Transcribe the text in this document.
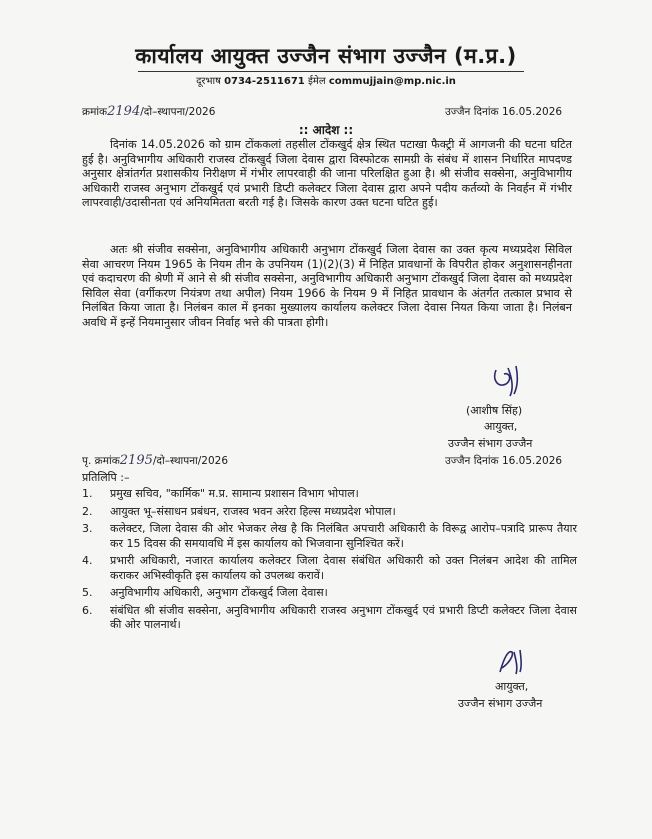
कार्यालय आयुक्त उज्जैन संभाग उज्जैन (म.प्र.)
दूरभाष 0734-2511671 ईमेल commujjain@mp.nic.in
क्रमांक2194/दो–स्थापना/2026	उज्जैन दिनांक 16.05.2026
:: आदेश ::
दिनांक 14.05.2026 को ग्राम टोंककलां तहसील टोंकखुर्द क्षेत्र स्थित पटाखा फैक्ट्री में आगजनी की घटना घटित हुई है। अनुविभागीय अधिकारी राजस्व टोंकखुर्द जिला देवास द्वारा विस्फोटक सामग्री के संबंध में शासन निर्धारित मापदण्ड अनुसार क्षेत्रांतर्गत प्रशासकीय निरीक्षण में गंभीर लापरवाही की जाना परिलक्षित हुआ है। श्री संजीव सक्सेना, अनुविभागीय अधिकारी राजस्व अनुभाग टोंकखुर्द एवं प्रभारी डिप्टी कलेक्टर जिला देवास द्वारा अपने पदीय कर्तव्यो के निवर्हन में गंभीर लापरवाही/उदासीनता एवं अनियमितता बरती गई है। जिसके कारण उक्त घटना घटित हुई।
अतः श्री संजीव सक्सेना, अनुविभागीय अधिकारी अनुभाग टोंकखुर्द जिला देवास का उक्त कृत्य मध्यप्रदेश सिविल सेवा आचरण नियम 1965 के नियम तीन के उपनियम (1)(2)(3) में निहित प्रावधानों के विपरीत होकर अनुशासनहीनता एवं कदाचरण की श्रेणी में आने से श्री संजीव सक्सेना, अनुविभागीय अधिकारी अनुभाग टोंकखुर्द जिला देवास को मध्यप्रदेश सिविल सेवा (वर्गीकरण नियंत्रण तथा अपील) नियम 1966 के नियम 9 में निहित प्रावधान के अंतर्गत तत्काल प्रभाव से निलंबित किया जाता है। निलंबन काल में इनका मुख्यालय कार्यालय कलेक्टर जिला देवास नियत किया जाता है। निलंबन अवधि में इन्हें नियमानुसार जीवन निर्वाह भत्ते की पात्रता होगी।
(आशीष सिंह)
आयुक्त,
उज्जैन संभाग उज्जैन
पृ. क्रमांक2195/दो–स्थापना/2026	उज्जैन दिनांक 16.05.2026
प्रतिलिपि :–
1. प्रमुख सचिव, "कार्मिक" म.प्र. सामान्य प्रशासन विभाग भोपाल।
2. आयुक्त भू–संसाधन प्रबंधन, राजस्व भवन अरेरा हिल्स मध्यप्रदेश भोपाल।
3. कलेक्टर, जिला देवास की ओर भेजकर लेख है कि निलंबित अपचारी अधिकारी के विरूद्व आरोप–पत्रादि प्रारूप तैयार कर 15 दिवस की समयावधि में इस कार्यालय को भिजवाना सुनिश्चित करें।
4. प्रभारी अधिकारी, नजारत कार्यालय कलेक्टर जिला देवास संबंधित अधिकारी को उक्त निलंबन आदेश की तामिल कराकर अभिस्वीकृति इस कार्यालय को उपलब्ध करावें।
5. अनुविभागीय अधिकारी, अनुभाग टोंकखुर्द जिला देवास।
6. संबंधित श्री संजीव सक्सेना, अनुविभागीय अधिकारी राजस्व अनुभाग टोंकखुर्द एवं प्रभारी डिप्टी कलेक्टर जिला देवास की ओर पालनार्थ।
आयुक्त,
उज्जैन संभाग उज्जैन
